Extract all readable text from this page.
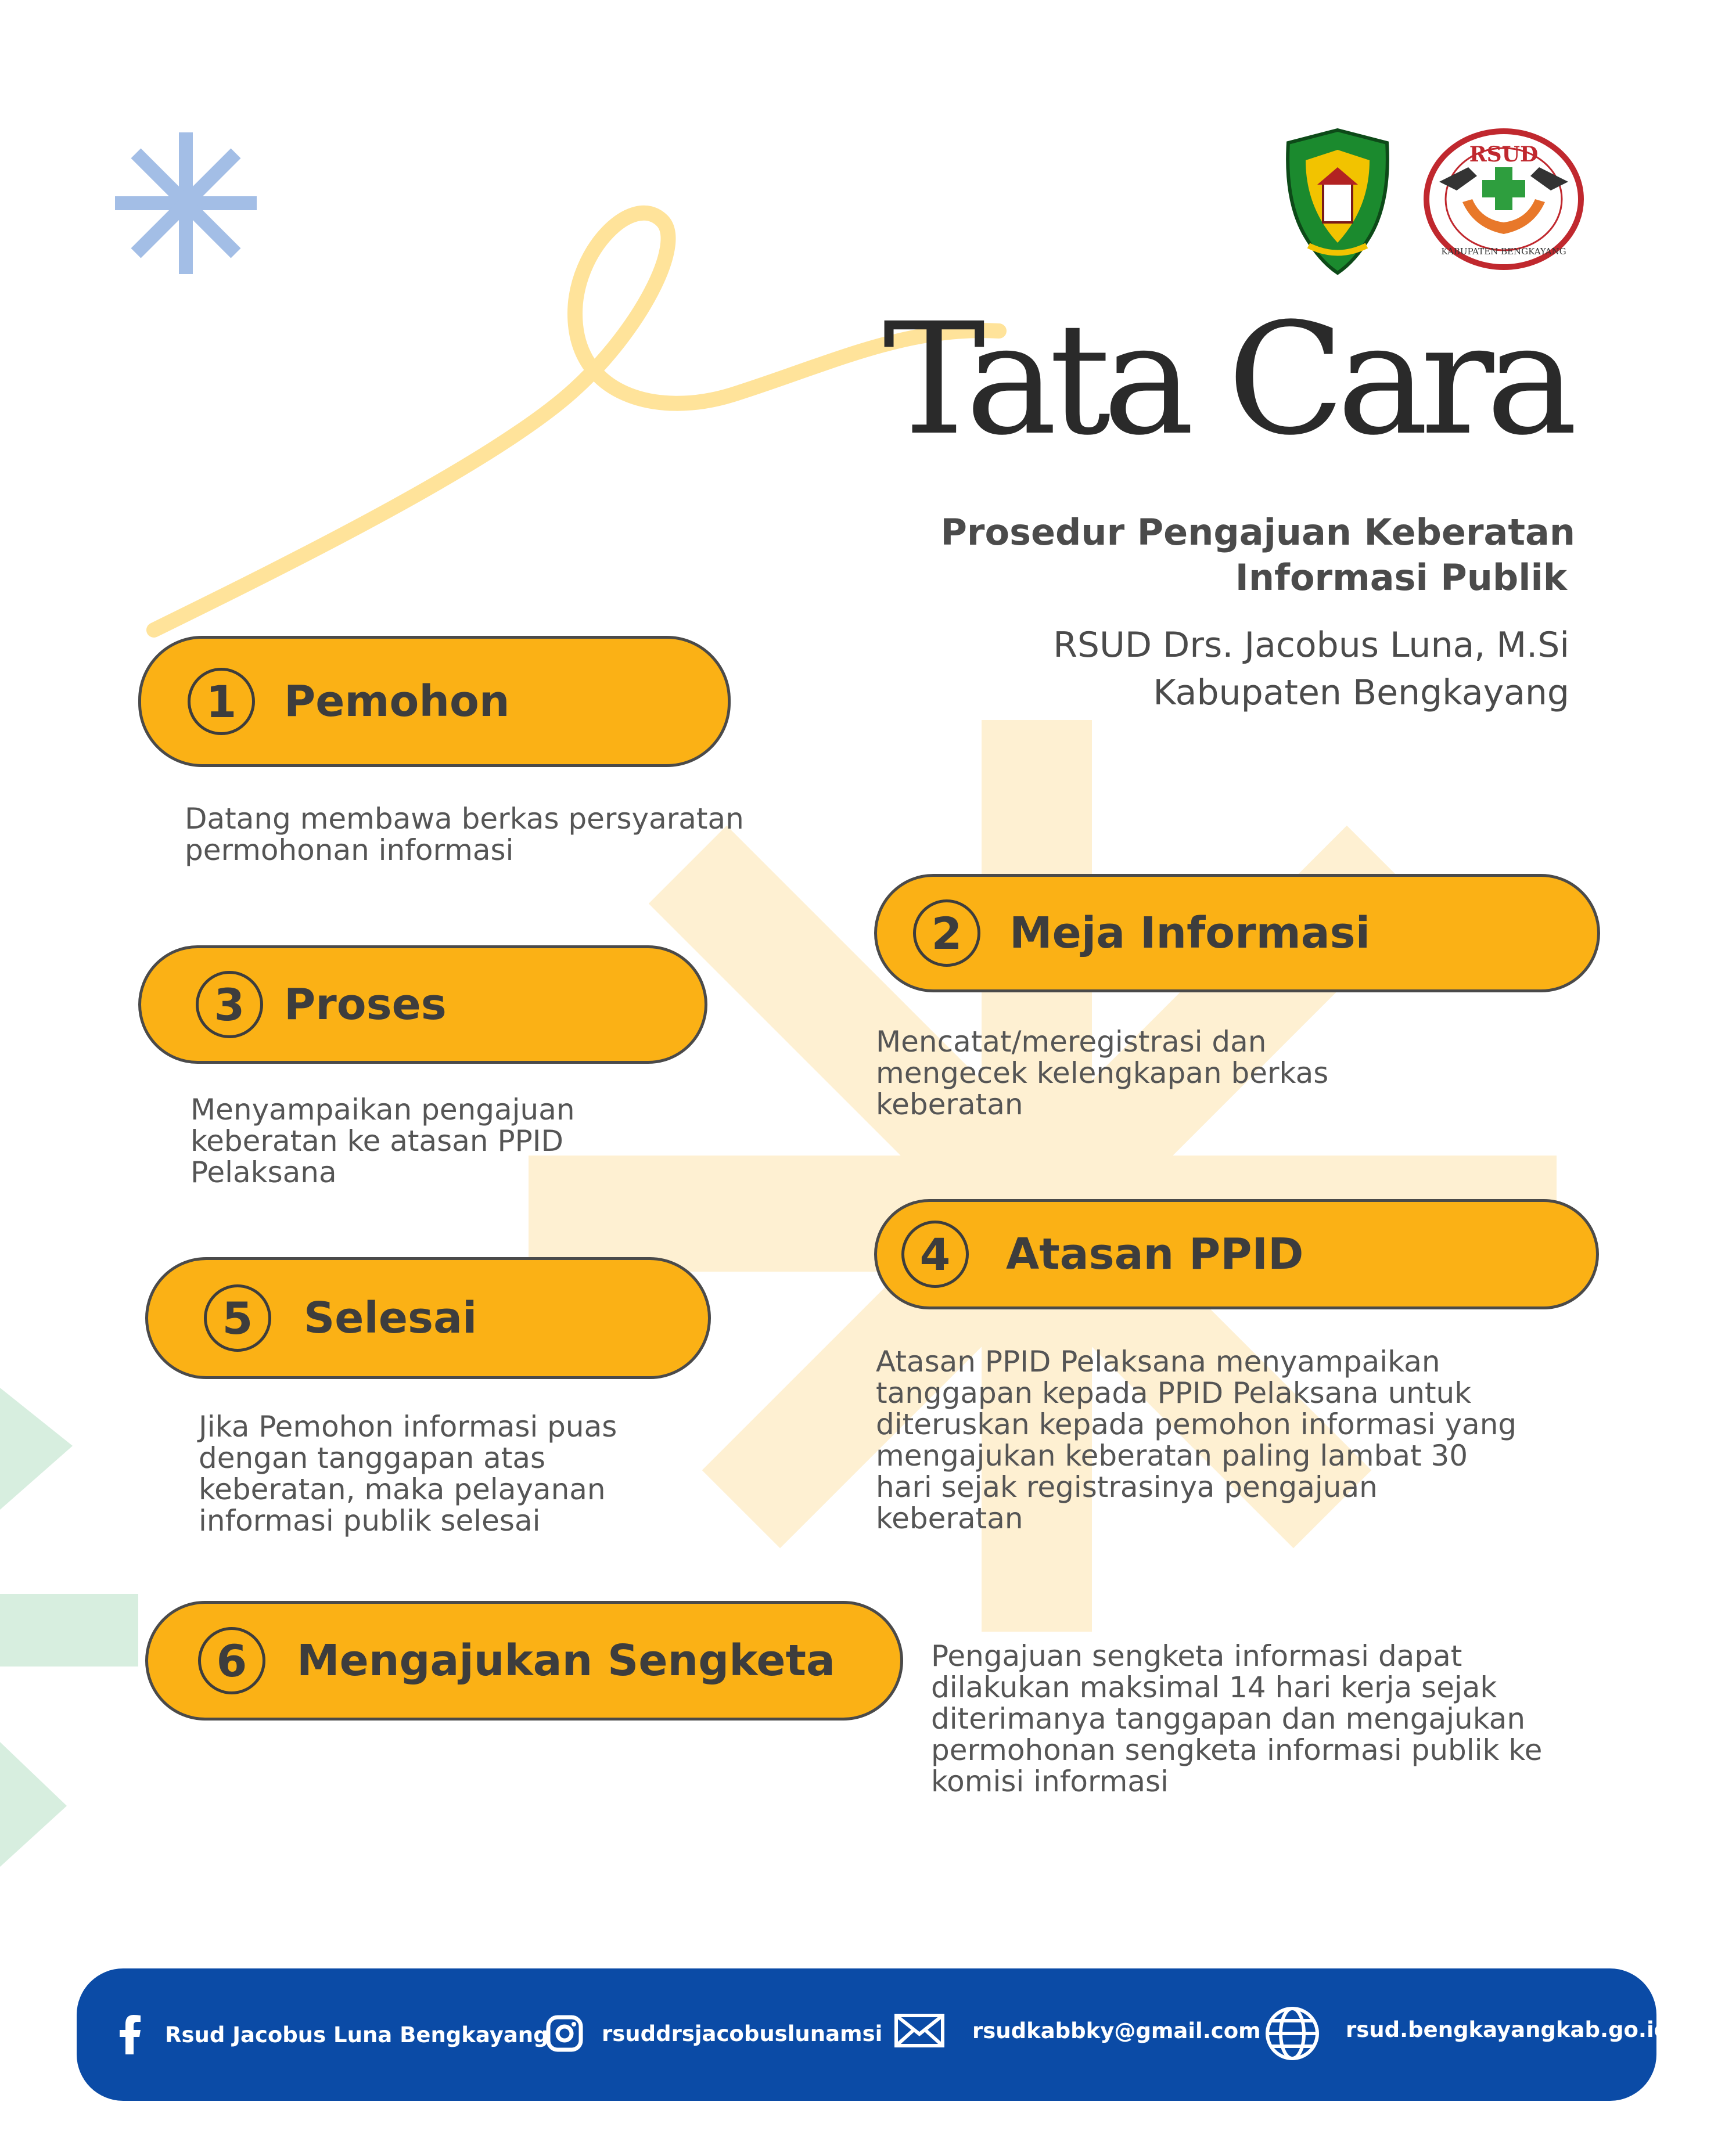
RSUD
KABUPATEN BENGKAYANG
Tata Cara
Prosedur Pengajuan Keberatan
Informasi Publik
RSUD Drs. Jacobus Luna, M.Si
Kabupaten Bengkayang
1	Pemohon
Datang membawa berkas persyaratan
permohonan informasi
2	Meja Informasi
Mencatat/meregistrasi dan
mengecek kelengkapan berkas
keberatan
3 Proses
Menyampaikan pengajuan
keberatan ke atasan PPID
Pelaksana
4	Atasan PPID
Atasan PPID Pelaksana menyampaikan
tanggapan kepada PPID Pelaksana untuk
diteruskan kepada pemohon informasi yang
mengajukan keberatan paling lambat 30
hari sejak registrasinya pengajuan
keberatan
5	Selesai
Jika Pemohon informasi puas
dengan tanggapan atas
keberatan, maka pelayanan
informasi publik selesai
6	Mengajukan Sengketa	Pengajuan sengketa informasi dapat
dilakukan maksimal 14 hari kerja sejak
diterimanya tanggapan dan mengajukan
permohonan sengketa informasi publik ke
komisi informasi
Rsud Jacobus Luna Bengkayang rsuddrsjacobuslunamsi	rsudkabbky@gmail.com	rsud.bengkayangkab.go.id
